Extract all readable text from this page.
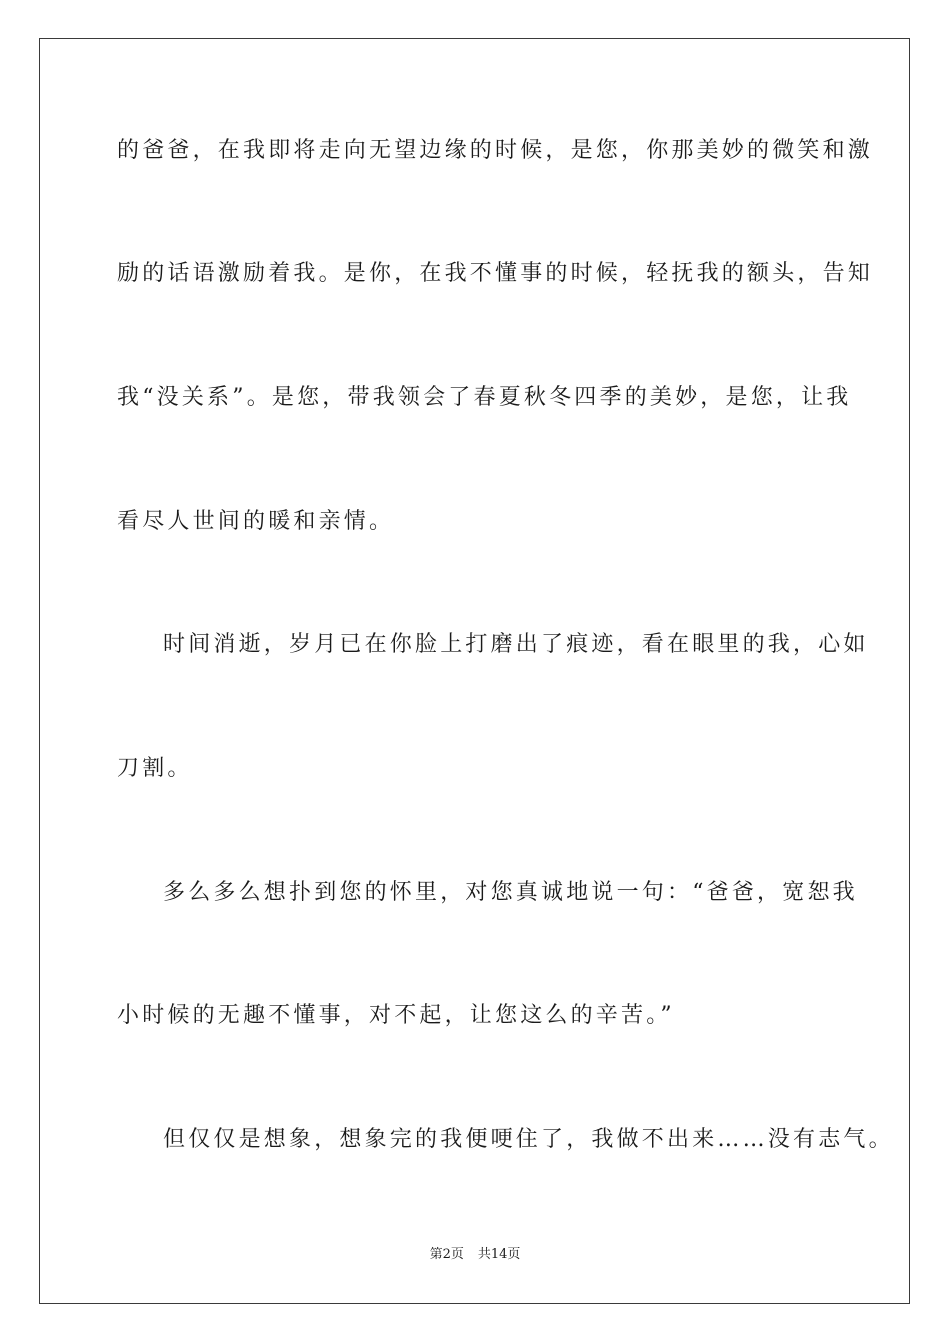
的爸爸，在我即将走向无望边缘的时候，是您，你那美妙的微笑和激
励的话语激励着我。是你，在我不懂事的时候，轻抚我的额头，告知
我“没关系”。是您，带我领会了春夏秋冬四季的美妙，是您，让我
看尽人世间的暖和亲情。
时间消逝，岁月已在你脸上打磨出了痕迹，看在眼里的我，心如
刀割。
多么多么想扑到您的怀里，对您真诚地说一句：“爸爸，宽恕我
小时候的无趣不懂事，对不起，让您这么的辛苦。”
但仅仅是想象，想象完的我便哽住了，我做不出来……没有志气。
第2页 共14页
